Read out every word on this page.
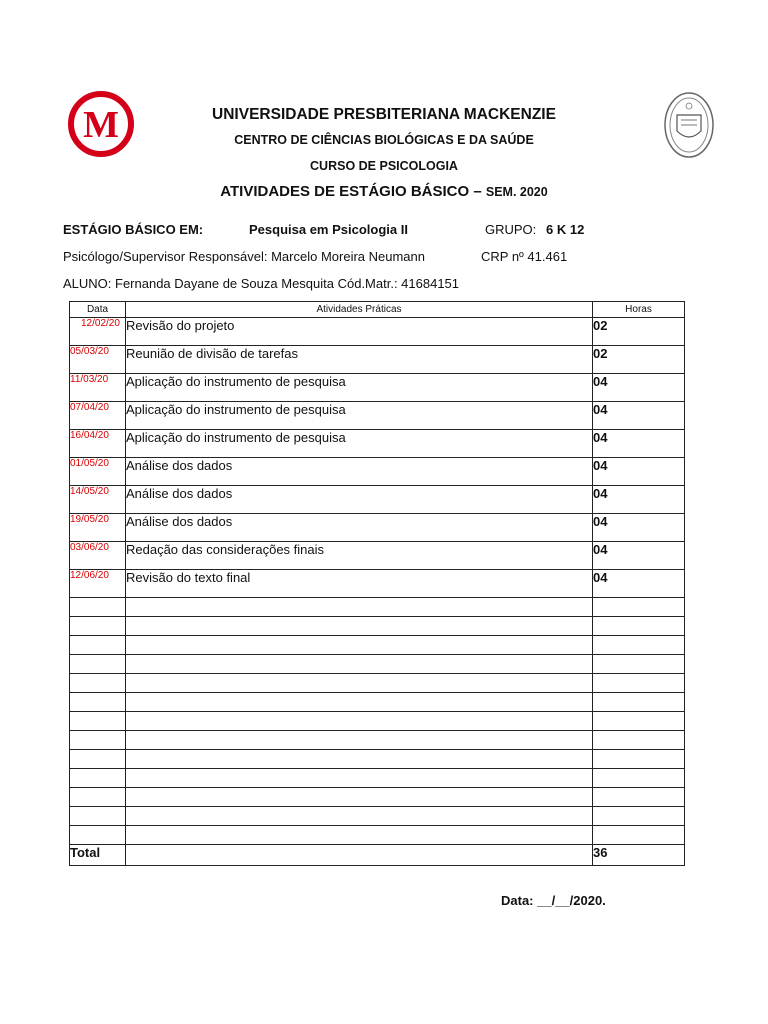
M	UNIVERSIDADE PRESBITERIANA MACKENZIE
CENTRO DE CIÊNCIAS BIOLÓGICAS E DA SAÚDE
CURSO DE PSICOLOGIA
ATIVIDADES DE ESTÁGIO BÁSICO – SEM. 2020
ESTÁGIO BÁSICO EM:	Pesquisa em Psicologia II	GRUPO: 6 K 12
Psicólogo/Supervisor Responsável: Marcelo Moreira Neumann	CRP nº 41.461
ALUNO: Fernanda Dayane de Souza Mesquita Cód.Matr.: 41684151
Data	Atividades Práticas	Horas
12/02/20	Revisão do projeto	02
05/03/20	Reunião de divisão de tarefas	02
11/03/20	Aplicação do instrumento de pesquisa	04
07/04/20	Aplicação do instrumento de pesquisa	04
16/04/20	Aplicação do instrumento de pesquisa	04
01/05/20	Análise dos dados	04
14/05/20	Análise dos dados	04
19/05/20	Análise dos dados	04
03/06/20	Redação das considerações finais	04
12/06/20	Revisão do texto final	04

Total		36
Data: __/__/2020.
